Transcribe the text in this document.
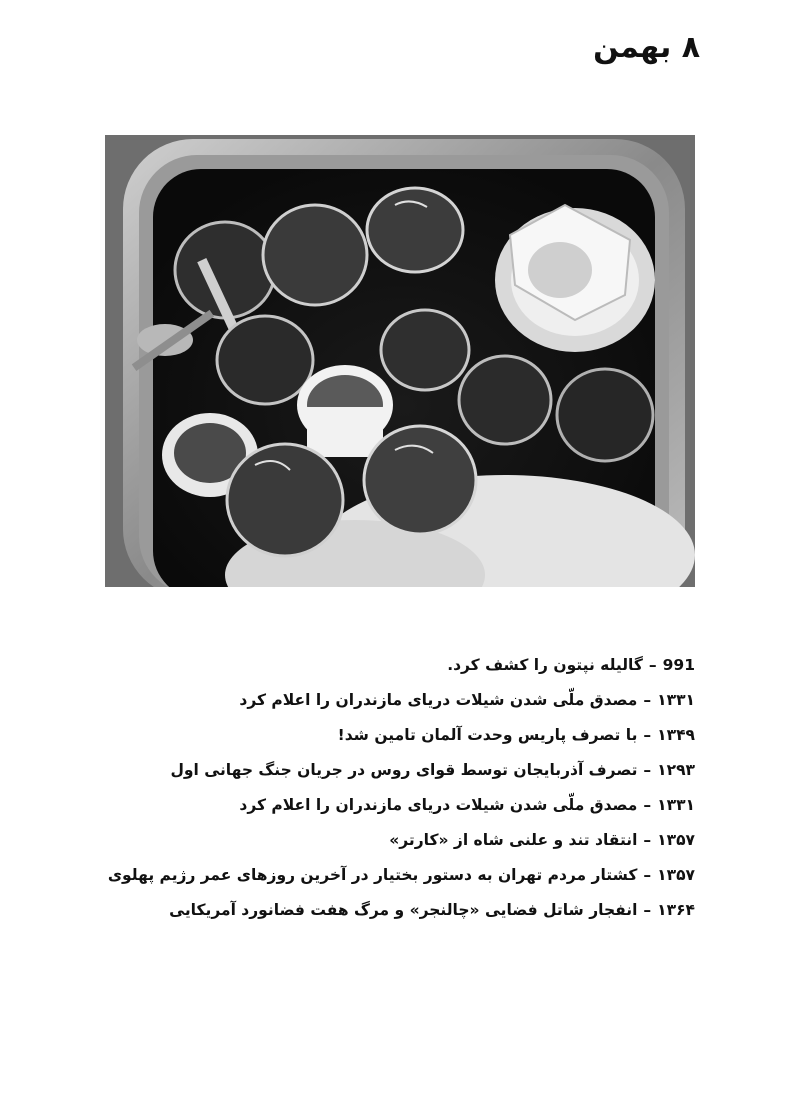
۸ بهمن
991–گالیله نپتون را کشف کرد.
۱۳۳۱–مصدق ملّی شدن شیلات دریای مازندران را اعلام کرد
۱۳۴۹–با تصرف پاریس وحدت آلمان تامین شد!
۱۲۹۳–تصرف آذربایجان توسط قوای روس در جریان جنگ جهانی اول
۱۳۳۱–مصدق ملّی شدن شیلات دریای مازندران را اعلام کرد
۱۳۵۷–انتقاد تند و علنی شاه از «کارتر»
۱۳۵۷–کشتار مردم تهران به دستور بختیار در آخرین روزهای عمر رژیم پهلوی
۱۳۶۴–انفجار شاتل فضایی «چالنجر» و مرگ هفت فضانورد آمریکایی
